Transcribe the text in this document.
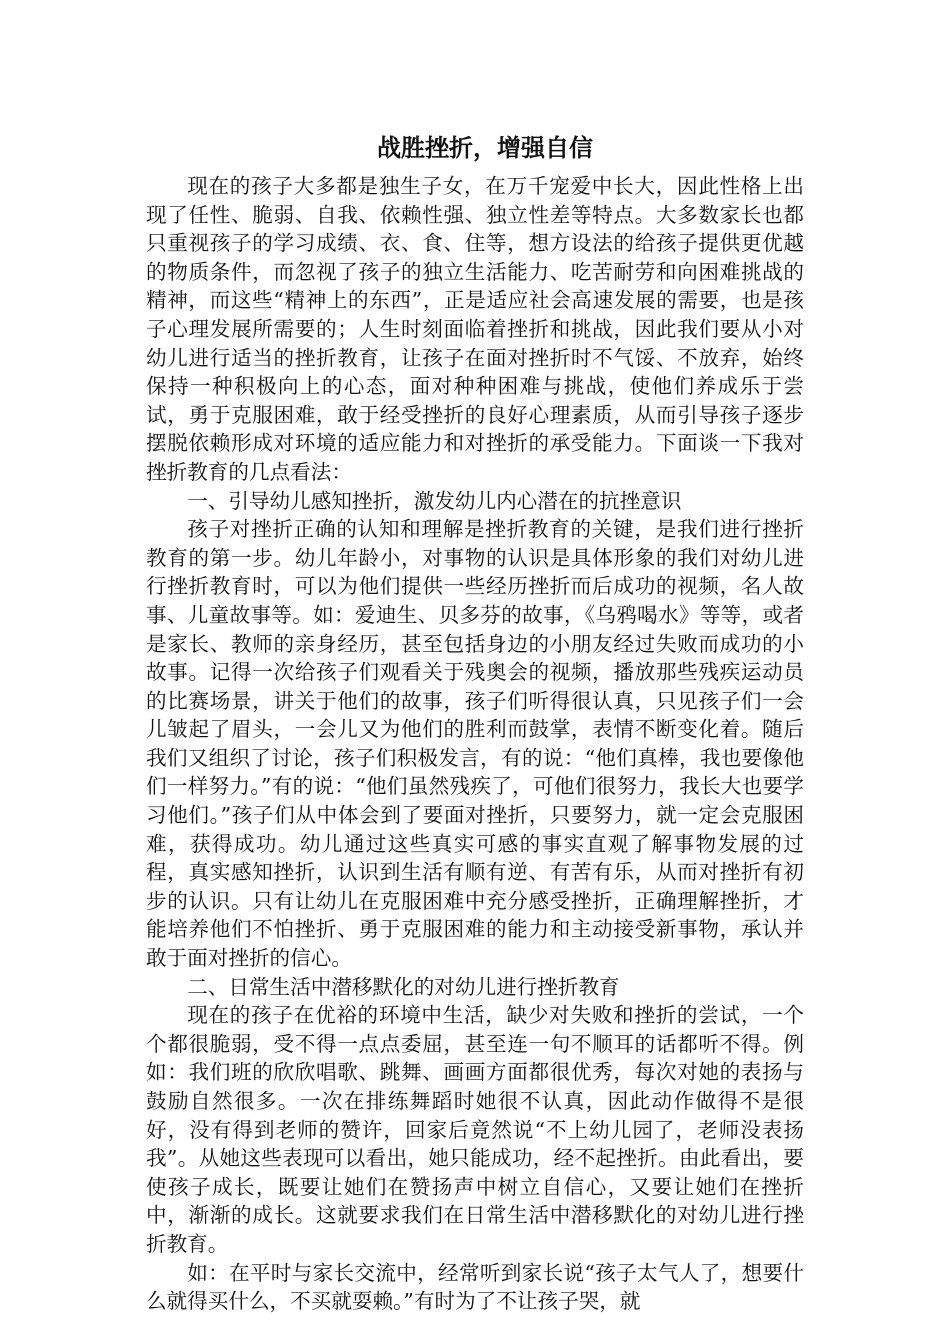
战胜挫折，增强自信

现在的孩子大多都是独生子女，在万千宠爱中长大，因此性格上出现了任性、脆弱、自我、依赖性强、独立性差等特点。大多数家长也都只重视孩子的学习成绩、衣、食、住等，想方设法的给孩子提供更优越的物质条件，而忽视了孩子的独立生活能力、吃苦耐劳和向困难挑战的精神，而这些“精神上的东西”，正是适应社会高速发展的需要，也是孩子心理发展所需要的；人生时刻面临着挫折和挑战，因此我们要从小对幼儿进行适当的挫折教育，让孩子在面对挫折时不气馁、不放弃，始终保持一种积极向上的心态，面对种种困难与挑战，使他们养成乐于尝试，勇于克服困难，敢于经受挫折的良好心理素质，从而引导孩子逐步摆脱依赖形成对环境的适应能力和对挫折的承受能力。下面谈一下我对挫折教育的几点看法：

一、引导幼儿感知挫折，激发幼儿内心潜在的抗挫意识

孩子对挫折正确的认知和理解是挫折教育的关键，是我们进行挫折教育的第一步。幼儿年龄小，对事物的认识是具体形象的我们对幼儿进行挫折教育时，可以为他们提供一些经历挫折而后成功的视频，名人故事、儿童故事等。如：爱迪生、贝多芬的故事，《乌鸦喝水》等等，或者是家长、教师的亲身经历，甚至包括身边的小朋友经过失败而成功的小故事。记得一次给孩子们观看关于残奥会的视频，播放那些残疾运动员的比赛场景，讲关于他们的故事，孩子们听得很认真，只见孩子们一会儿皱起了眉头，一会儿又为他们的胜利而鼓掌，表情不断变化着。随后我们又组织了讨论，孩子们积极发言，有的说：“他们真棒，我也要像他们一样努力。”有的说：“他们虽然残疾了，可他们很努力，我长大也要学习他们。”孩子们从中体会到了要面对挫折，只要努力，就一定会克服困难，获得成功。幼儿通过这些真实可感的事实直观了解事物发展的过程，真实感知挫折，认识到生活有顺有逆、有苦有乐，从而对挫折有初步的认识。只有让幼儿在克服困难中充分感受挫折，正确理解挫折，才能培养他们不怕挫折、勇于克服困难的能力和主动接受新事物，承认并敢于面对挫折的信心。

二、日常生活中潜移默化的对幼儿进行挫折教育

现在的孩子在优裕的环境中生活，缺少对失败和挫折的尝试，一个个都很脆弱，受不得一点点委屈，甚至连一句不顺耳的话都听不得。例如：我们班的欣欣唱歌、跳舞、画画方面都很优秀，每次对她的表扬与鼓励自然很多。一次在排练舞蹈时她很不认真，因此动作做得不是很好，没有得到老师的赞许，回家后竟然说“不上幼儿园了，老师没表扬我”。从她这些表现可以看出，她只能成功，经不起挫折。由此看出，要使孩子成长，既要让她们在赞扬声中树立自信心，又要让她们在挫折中，渐渐的成长。这就要求我们在日常生活中潜移默化的对幼儿进行挫折教育。

如：在平时与家长交流中，经常听到家长说“孩子太气人了，想要什么就得买什么，不买就耍赖。”有时为了不让孩子哭，就
